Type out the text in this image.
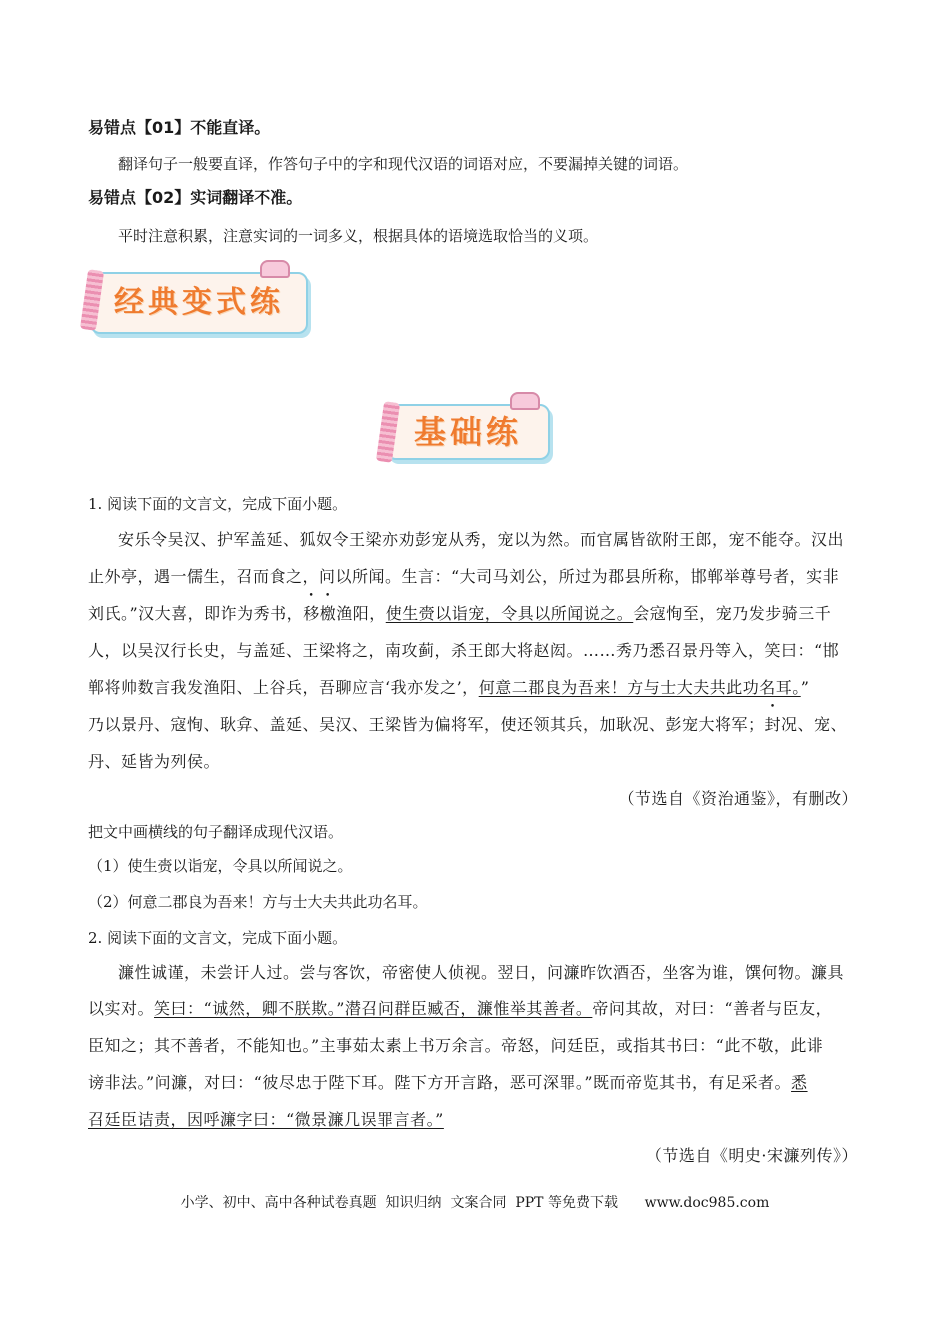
易错点【01】不能直译。
翻译句子一般要直译，作答句子中的字和现代汉语的词语对应，不要漏掉关键的词语。
易错点【02】实词翻译不准。
平时注意积累，注意实词的一词多义，根据具体的语境选取恰当的义项。
经典变式练
基础练
1. 阅读下面的文言文，完成下面小题。
安乐令吴汉、护军盖延、狐奴令王梁亦劝彭宠从秀，宠以为然。而官属皆欲附王郎，宠不能夺。汉出
止外亭，遇一儒生，召而食之，问以所闻。生言：“大司马刘公，所过为郡县所称，邯郸举尊号者，实非
刘氏。”汉大喜，即诈为秀书，移檄渔阳，使生赍以诣宠，令具以所闻说之。会寇恂至，宠乃发步骑三千
人，以吴汉行长史，与盖延、王梁将之，南攻蓟，杀王郎大将赵闳。……秀乃悉召景丹等入，笑曰：“邯
郸将帅数言我发渔阳、上谷兵，吾聊应言‘我亦发之’，何意二郡良为吾来！方与士大夫共此功名耳。”
乃以景丹、寇恂、耿弇、盖延、吴汉、王梁皆为偏将军，使还领其兵，加耿况、彭宠大将军；封况、宠、
丹、延皆为列侯。
（节选自《资治通鉴》，有删改）
把文中画横线的句子翻译成现代汉语。
（1）使生赍以诣宠，令具以所闻说之。
（2）何意二郡良为吾来！方与士大夫共此功名耳。
2. 阅读下面的文言文，完成下面小题。
濂性诚谨，未尝讦人过。尝与客饮，帝密使人侦视。翌日，问濂昨饮酒否，坐客为谁，馔何物。濂具
以实对。笑曰：“诚然，卿不朕欺。”潜召问群臣臧否，濂惟举其善者。帝问其故，对曰：“善者与臣友，
臣知之；其不善者，不能知也。”主事茹太素上书万余言。帝怒，问廷臣，或指其书曰：“此不敬，此诽
谤非法。”问濂，对曰：“彼尽忠于陛下耳。陛下方开言路，恶可深罪。”既而帝览其书，有足采者。悉
召廷臣诘责，因呼濂字曰：“微景濂几误罪言者。”
（节选自《明史·宋濂列传》）
小学、初中、高中各种试卷真题  知识归纳  文案合同  PPT 等免费下载      www.doc985.com
